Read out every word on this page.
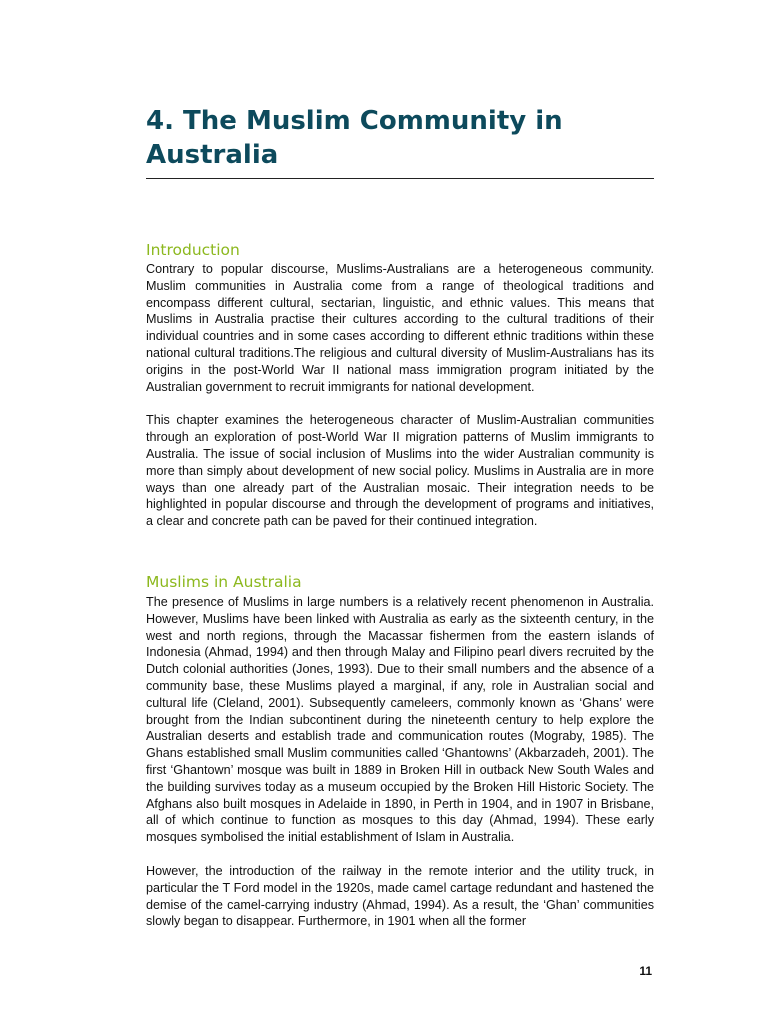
4. The Muslim Community in Australia
Introduction

Contrary to popular discourse, Muslims-Australians are a heterogeneous community. Muslim communities in Australia come from a range of theological traditions and encompass different cultural, sectarian, linguistic, and ethnic values. This means that Muslims in Australia practise their cultures according to the cultural traditions of their individual countries and in some cases according to different ethnic traditions within these national cultural traditions.The religious and cultural diversity of Muslim-Australians has its origins in the post-World War II national mass immigration program initiated by the Australian government to recruit immigrants for national development.

This chapter examines the heterogeneous character of Muslim-Australian communities through an exploration of post-World War II migration patterns of Muslim immigrants to Australia. The issue of social inclusion of Muslims into the wider Australian community is more than simply about development of new social policy. Muslims in Australia are in more ways than one already part of the Australian mosaic. Their integration needs to be highlighted in popular discourse and through the development of programs and initiatives, a clear and concrete path can be paved for their continued integration.

Muslims in Australia

The presence of Muslims in large numbers is a relatively recent phenomenon in Australia. However, Muslims have been linked with Australia as early as the sixteenth century, in the west and north regions, through the Macassar fishermen from the eastern islands of Indonesia (Ahmad, 1994) and then through Malay and Filipino pearl divers recruited by the Dutch colonial authorities (Jones, 1993). Due to their small numbers and the absence of a community base, these Muslims played a marginal, if any, role in Australian social and cultural life (Cleland, 2001). Subsequently cameleers, commonly known as ‘Ghans’ were brought from the Indian subcontinent during the nineteenth century to help explore the Australian deserts and establish trade and communication routes (Mograby, 1985). The Ghans established small Muslim communities called ‘Ghantowns’ (Akbarzadeh, 2001). The first ‘Ghantown’ mosque was built in 1889 in Broken Hill in outback New South Wales and the building survives today as a museum occupied by the Broken Hill Historic Society. The Afghans also built mosques in Adelaide in 1890, in Perth in 1904, and in 1907 in Brisbane, all of which continue to function as mosques to this day (Ahmad, 1994). These early mosques symbolised the initial establishment of Islam in Australia.

However, the introduction of the railway in the remote interior and the utility truck, in particular the T Ford model in the 1920s, made camel cartage redundant and hastened the demise of the camel-carrying industry (Ahmad, 1994). As a result, the ‘Ghan’ communities slowly began to disappear. Furthermore, in 1901 when all the former

11
